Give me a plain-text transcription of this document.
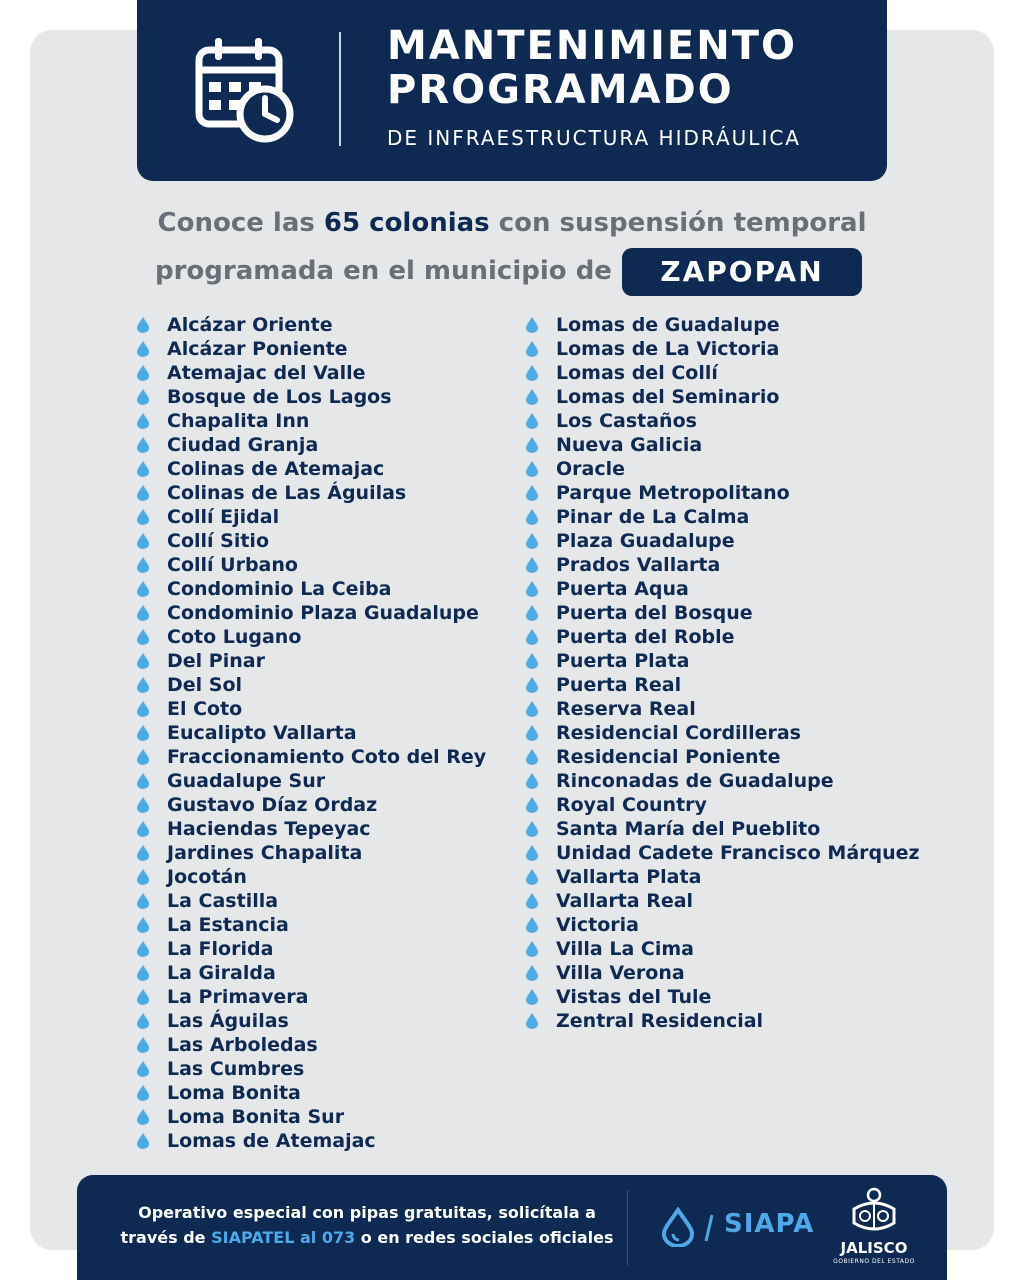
MANTENIMIENTO
PROGRAMADO
DE INFRAESTRUCTURA HIDRÁULICA
Conoce las 65 colonias con suspensión temporal
programada en el municipio de	ZAPOPAN
Alcázar Oriente
Alcázar Poniente
Atemajac del Valle
Bosque de Los Lagos
Chapalita Inn
Ciudad Granja
Colinas de Atemajac
Colinas de Las Águilas
Collí Ejidal
Collí Sitio
Collí Urbano
Condominio La Ceiba
Condominio Plaza Guadalupe
Coto Lugano
Del Pinar
Del Sol
El Coto
Eucalipto Vallarta
Fraccionamiento Coto del Rey
Guadalupe Sur
Gustavo Díaz Ordaz
Haciendas Tepeyac
Jardines Chapalita
Jocotán
La Castilla
La Estancia
La Florida
La Giralda
La Primavera
Las Águilas
Las Arboledas
Las Cumbres
Loma Bonita
Loma Bonita Sur
Lomas de Atemajac
Lomas de Guadalupe
Lomas de La Victoria
Lomas del Collí
Lomas del Seminario
Los Castaños
Nueva Galicia
Oracle
Parque Metropolitano
Pinar de La Calma
Plaza Guadalupe
Prados Vallarta
Puerta Aqua
Puerta del Bosque
Puerta del Roble
Puerta Plata
Puerta Real
Reserva Real
Residencial Cordilleras
Residencial Poniente
Rinconadas de Guadalupe
Royal Country
Santa María del Pueblito
Unidad Cadete Francisco Márquez
Vallarta Plata
Vallarta Real
Victoria
Villa La Cima
Villa Verona
Vistas del Tule
Zentral Residencial
Operativo especial con pipas gratuitas, solicítala a
través de SIAPATEL al 073 o en redes sociales oficiales	SIAPA
JALISCO
GOBIERNO DEL ESTADO
